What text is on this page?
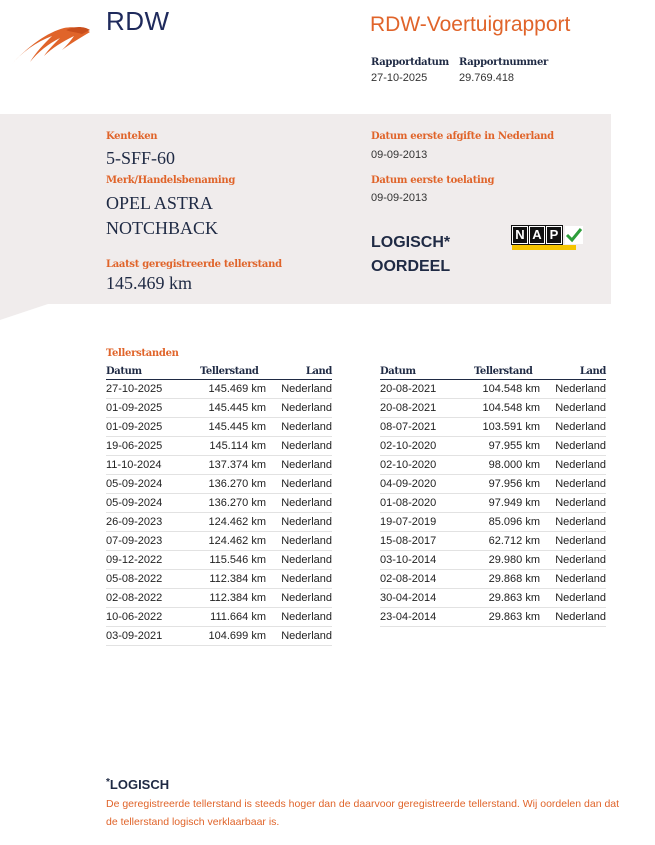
RDW	RDW-Voertuigrapport
Rapportdatum
27-10-2025
Rapportnummer
29.769.418
Kenteken
5-SFF-60
Merk/Handelsbenaming
OPEL ASTRA
NOTCHBACK
Laatst geregistreerde tellerstand
145.469 km
Datum eerste afgifte in Nederland
09-09-2013
Datum eerste toelating
09-09-2013
LOGISCH*
OORDEEL
N A P
Tellerstanden
Datum	Tellerstand	Land
27-10-2025	145.469 km	Nederland
01-09-2025	145.445 km	Nederland
01-09-2025	145.445 km	Nederland
19-06-2025	145.114 km	Nederland
11-10-2024	137.374 km	Nederland
05-09-2024	136.270 km	Nederland
05-09-2024	136.270 km	Nederland
26-09-2023	124.462 km	Nederland
07-09-2023	124.462 km	Nederland
09-12-2022	115.546 km	Nederland
05-08-2022	112.384 km	Nederland
02-08-2022	112.384 km	Nederland
10-06-2022	111.664 km	Nederland
03-09-2021	104.699 km	Nederland
Datum	Tellerstand	Land
20-08-2021	104.548 km	Nederland
20-08-2021	104.548 km	Nederland
08-07-2021	103.591 km	Nederland
02-10-2020	97.955 km	Nederland
02-10-2020	98.000 km	Nederland
04-09-2020	97.956 km	Nederland
01-08-2020	97.949 km	Nederland
19-07-2019	85.096 km	Nederland
15-08-2017	62.712 km	Nederland
03-10-2014	29.980 km	Nederland
02-08-2014	29.868 km	Nederland
30-04-2014	29.863 km	Nederland
23-04-2014	29.863 km	Nederland
*LOGISCH
De geregistreerde tellerstand is steeds hoger dan de daarvoor geregistreerde tellerstand. Wij oordelen dan dat de tellerstand logisch verklaarbaar is.
